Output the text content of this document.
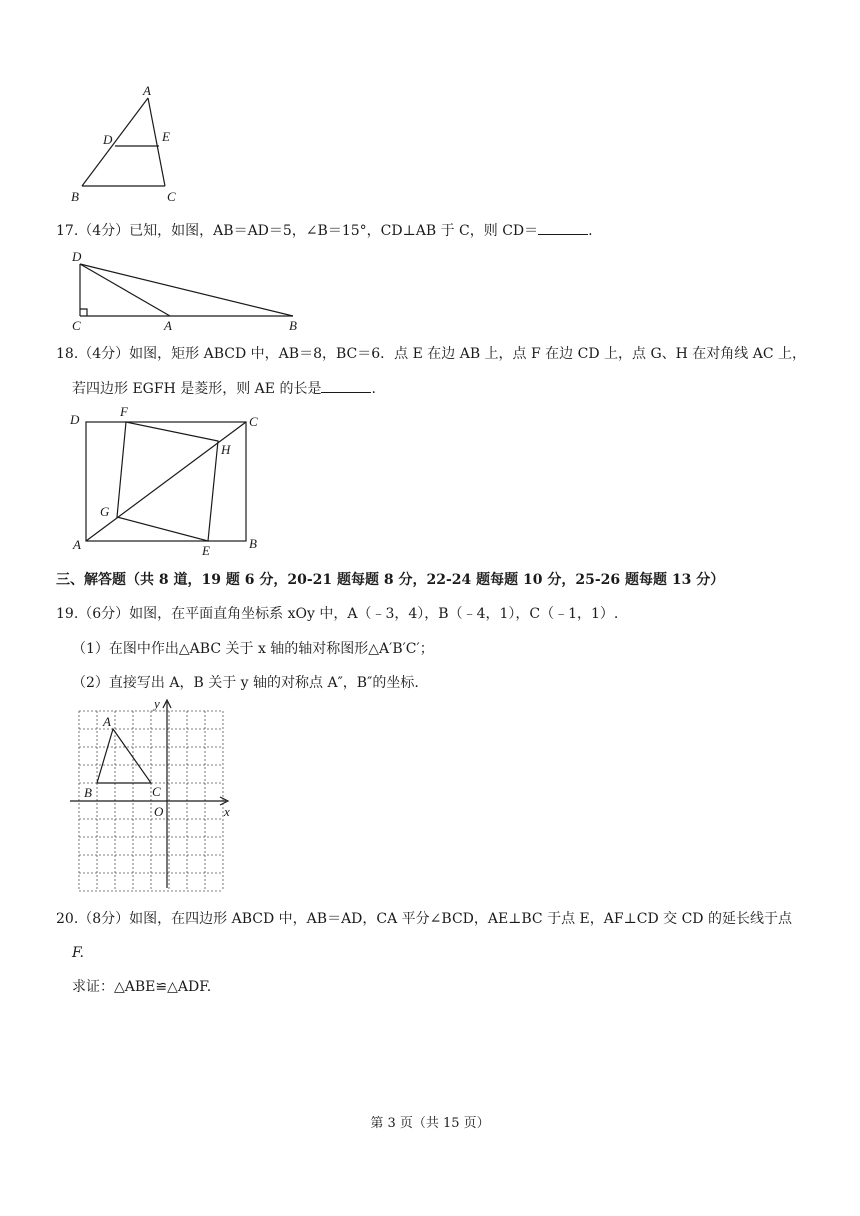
A
D	E
B	C
17.（4分）已知，如图，AB＝AD＝5，∠B＝15°，CD⊥AB 于 C，则 CD＝	.
D
C	A	B
18.（4分）如图，矩形 ABCD 中，AB＝8，BC＝6．点 E 在边 AB 上，点 F 在边 CD 上，点 G、H 在对角线 AC 上，
若四边形 EGFH 是菱形，则 AE 的长是	.
D
F
C
H
G
A	E	B
三、解答题（共 8 道，19 题 6 分，20-21 题每题 8 分，22-24 题每题 10 分，25-26 题每题 13 分）
19.（6分）如图，在平面直角坐标系 xOy 中，A（﹣3，4），B（﹣4，1），C（﹣1，1）.
（1）在图中作出△ABC 关于 x 轴的轴对称图形△A′B′C′；
（2）直接写出 A，B 关于 y 轴的对称点 A″，B″的坐标.
y
x
O
A
B	C
20.（8分）如图，在四边形 ABCD 中，AB＝AD，CA 平分∠BCD，AE⊥BC 于点 E，AF⊥CD 交 CD 的延长线于点
F.
求证：△ABE≌△ADF.
第 3 页（共 15 页）
